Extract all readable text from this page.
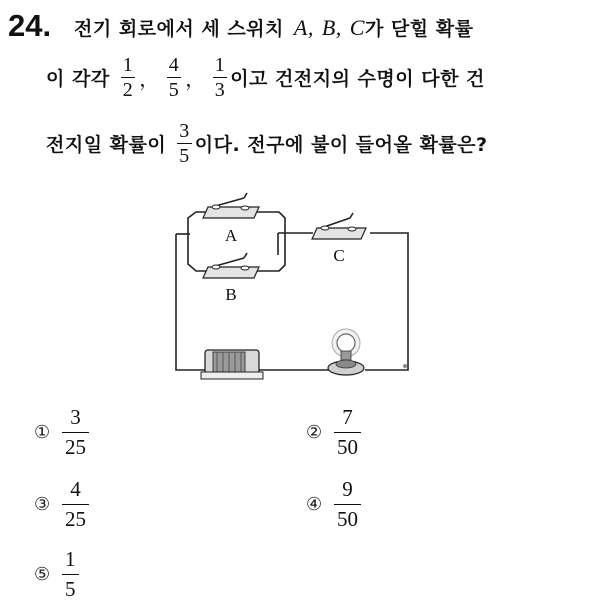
24. 전기 회로에서 세 스위치 A, B, C 가 닫힐 확률
이 각각 $\frac{1}{2}$ ， $\frac{4}{5}$ ， $\frac{1}{3}$ 이고 건전지의 수명이 다한 건
전지일 확률이 $\frac{3}{5}$ 이다. 전구에 불이 들어올 확률은?
A
B
C
① $\frac{3}{25}$	② $\frac{7}{50}$
③ $\frac{4}{25}$	④ $\frac{9}{50}$
⑤ $\frac{1}{5}$
